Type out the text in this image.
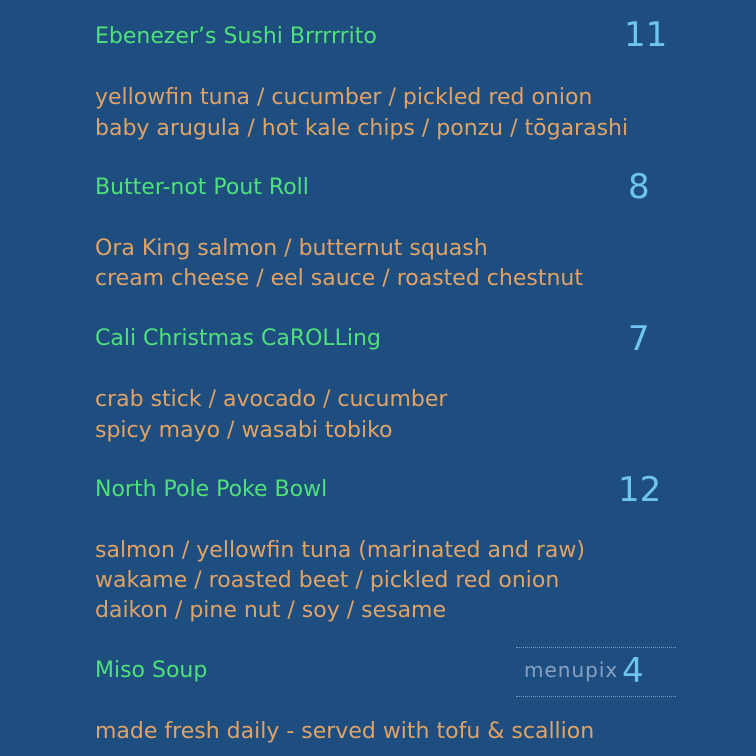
Ebenezer’s Sushi Brrrrrito	11
yellowfin tuna / cucumber / pickled red onion
baby arugula / hot kale chips / ponzu / tōgarashi
Butter-not Pout Roll	8
Ora King salmon / butternut squash
cream cheese / eel sauce / roasted chestnut
Cali Christmas CaROLLing	7
crab stick / avocado / cucumber
spicy mayo / wasabi tobiko
North Pole Poke Bowl	12
salmon / yellowfin tuna (marinated and raw)
wakame / roasted beet / pickled red onion
daikon / pine nut / soy / sesame
Miso Soup	4
made fresh daily - served with tofu & scallion
menupix
